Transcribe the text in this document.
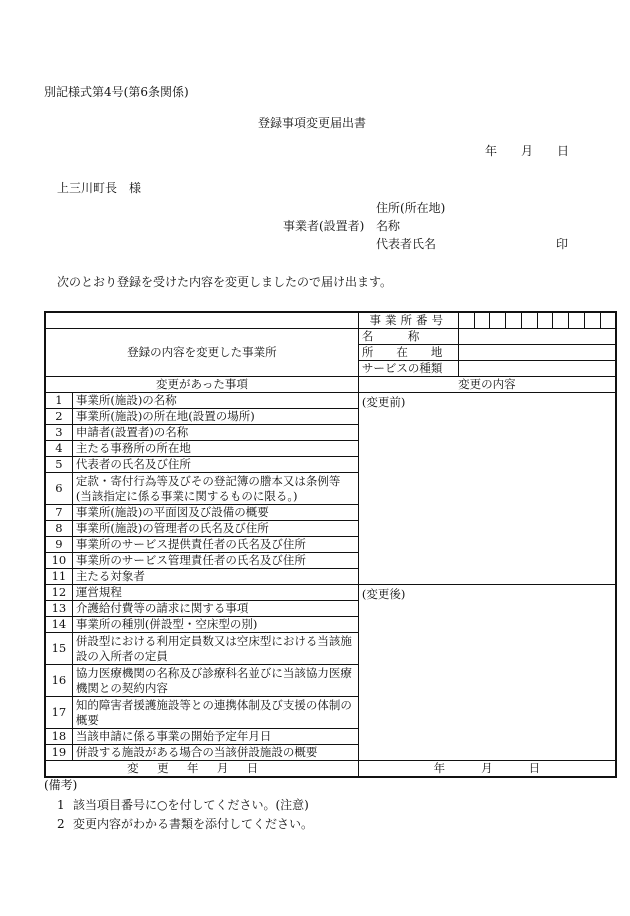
別記様式第4号(第6条関係)
登録事項変更届出書
年 月 日
上三川町長　様
住所(所在地)
事業者(設置者) 名称
代表者氏名	印
次のとおり登録を受けた内容を変更しましたので届け出ます。
		事業所番号										
登録の内容を変更した事業所		名　　　称										
		所　　在　　地										
		サービスの種類										
変更があった事項		変更の内容										
1	事業所(施設)の名称	(変更前)										
2	事業所(施設)の所在地(設置の場所)											
3	申請者(設置者)の名称											
4	主たる事務所の所在地											
5	代表者の氏名及び住所											
6	定款・寄付行為等及びその登記簿の謄本又は条例等(当該指定に係る事業に関するものに限る。)											
7	事業所(施設)の平面図及び設備の概要											
8	事業所(施設)の管理者の氏名及び住所											
9	事業所のサービス提供責任者の氏名及び住所											
10	事業所のサービス管理責任者の氏名及び住所											
11	主たる対象者											
12	運営規程	(変更後)										
13	介護給付費等の請求に関する事項											
14	事業所の種別(併設型・空床型の別)											
15	併設型における利用定員数又は空床型における当該施設の入所者の定員											
16	協力医療機関の名称及び診療科名並びに当該協力医療機関との契約内容											
17	知的障害者援護施設等との連携体制及び支援の体制の概要											
18	当該申請に係る事業の開始予定年月日											
19	併設する施設がある場合の当該併設施設の概要											
変更年月日		年 月 日										
(備考)
1 該当項目番号に○を付してください。(注意)
2 変更内容がわかる書類を添付してください。
